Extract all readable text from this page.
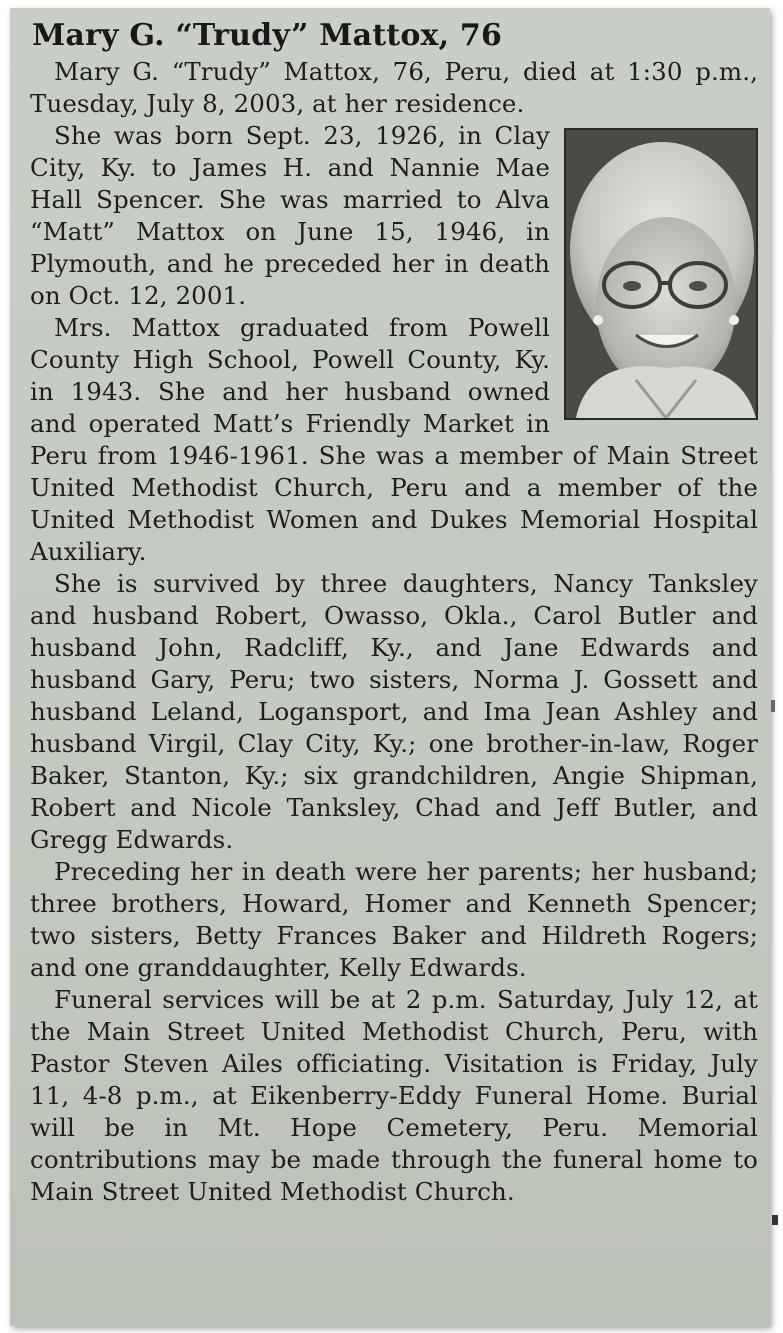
Mary G. “Trudy” Mattox, 76

Mary G. “Trudy” Mattox, 76, Peru, died at 1:30 p.m., Tuesday, July 8, 2003, at her residence.

She was born Sept. 23, 1926, in Clay City, Ky. to James H. and Nannie Mae Hall Spencer. She was married to Alva “Matt” Mattox on June 15, 1946, in Plymouth, and he preceded her in death on Oct. 12, 2001.

Mrs. Mattox graduated from Powell County High School, Powell County, Ky. in 1943. She and her husband owned and operated Matt’s Friendly Market in Peru from 1946-1961. She was a member of Main Street United Methodist Church, Peru and a member of the United Methodist Women and Dukes Memorial Hospital Auxiliary.

She is survived by three daughters, Nancy Tanksley and husband Robert, Owasso, Okla., Carol Butler and husband John, Radcliff, Ky., and Jane Edwards and husband Gary, Peru; two sisters, Norma J. Gossett and husband Leland, Logansport, and Ima Jean Ashley and husband Virgil, Clay City, Ky.; one brother-in-law, Roger Baker, Stanton, Ky.; six grandchildren, Angie Shipman, Robert and Nicole Tanksley, Chad and Jeff Butler, and Gregg Edwards.

Preceding her in death were her parents; her husband; three brothers, Howard, Homer and Kenneth Spencer; two sisters, Betty Frances Baker and Hildreth Rogers; and one granddaughter, Kelly Edwards.

Funeral services will be at 2 p.m. Saturday, July 12, at the Main Street United Methodist Church, Peru, with Pastor Steven Ailes officiating. Visitation is Friday, July 11, 4-8 p.m., at Eikenberry-Eddy Funeral Home. Burial will be in Mt. Hope Cemetery, Peru. Memorial contributions may be made through the funeral home to Main Street United Methodist Church.
